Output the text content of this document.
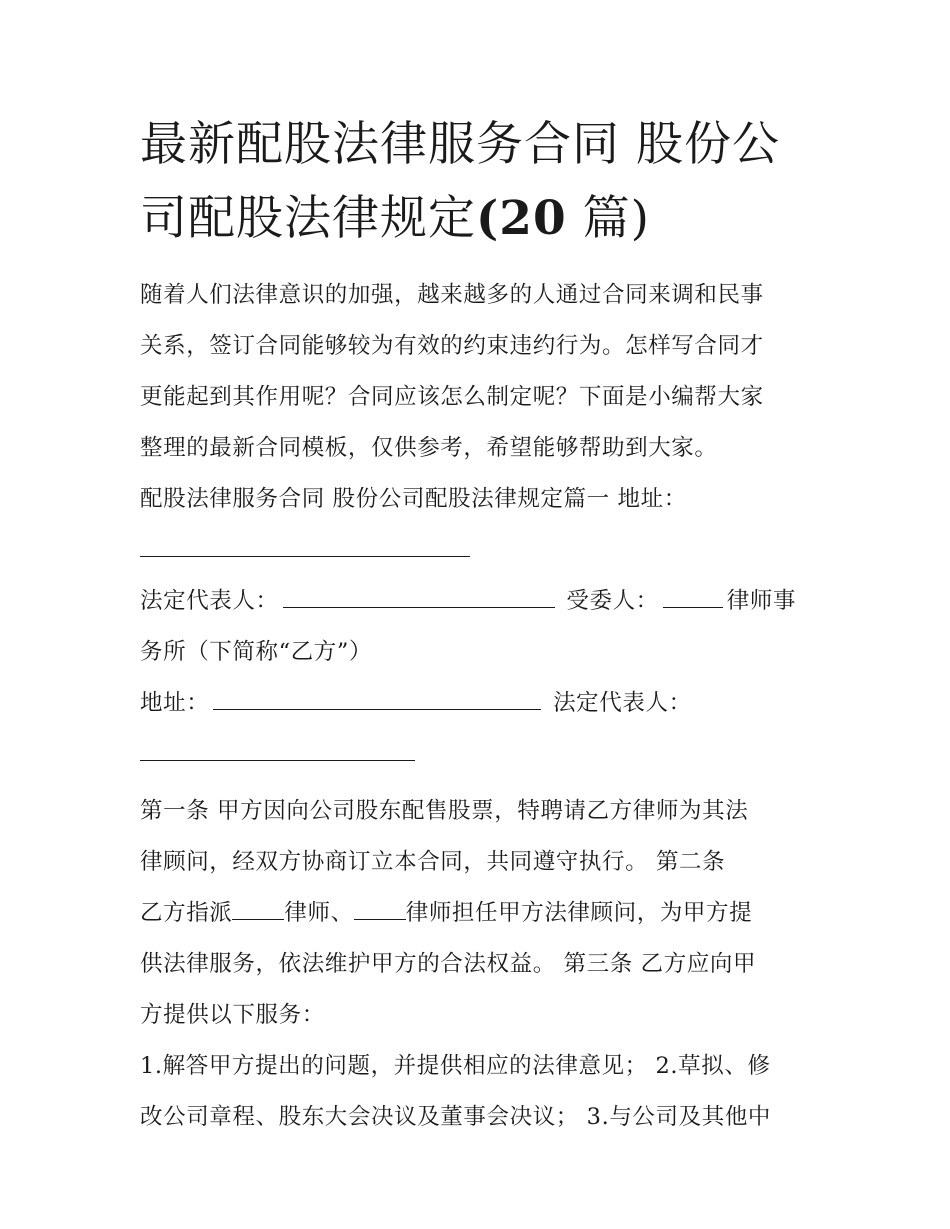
最新配股法律服务合同 股份公
司配股法律规定(20 篇)

随着人们法律意识的加强，越来越多的人通过合同来调和民事
关系，签订合同能够较为有效的约束违约行为。怎样写合同才
更能起到其作用呢？合同应该怎么制定呢？下面是小编帮大家
整理的最新合同模板，仅供参考，希望能够帮助到大家。

配股法律服务合同 股份公司配股法律规定篇一 地址：

法定代表人：	受委人：	律师事
务所（下简称“乙方”）
地址：	法定代表人：

第一条 甲方因向公司股东配售股票，特聘请乙方律师为其法
律顾问，经双方协商订立本合同，共同遵守执行。 第二条
乙方指派 律师、 律师担任甲方法律顾问，为甲方提
供法律服务，依法维护甲方的合法权益。 第三条 乙方应向甲
方提供以下服务：

1.解答甲方提出的问题，并提供相应的法律意见； 2.草拟、修
改公司章程、股东大会决议及董事会决议； 3.与公司及其他中
